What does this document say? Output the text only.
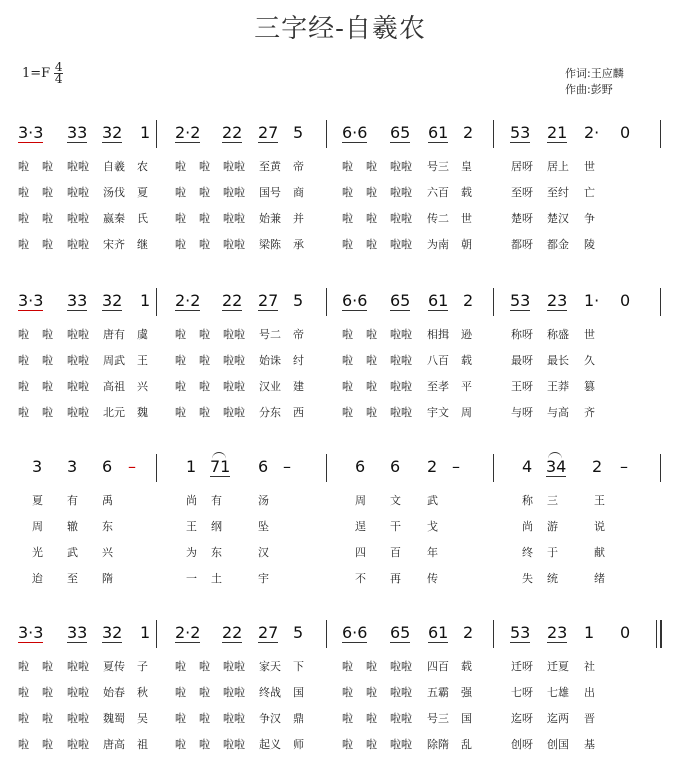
三字经-自羲农
$1=F \frac{4}{4}$	作词:王应麟
作曲:彭野
3·3 33 32 1 2·2 22 27 5 6·6 65 61 2 53 21 2· 0
啦 啦 啦啦 自羲 农 啦 啦 啦啦 至黄 帝	啦 啦 啦啦 号三 皇	居呀 居上 世
啦 啦 啦啦 汤伐 夏 啦 啦 啦啦 国号 商	啦 啦 啦啦 六百 载	至呀 至纣 亡
啦 啦 啦啦 嬴秦 氏 啦 啦 啦啦 始兼 并	啦 啦 啦啦 传二 世	楚呀 楚汉 争
啦 啦 啦啦 宋齐 继 啦 啦 啦啦 梁陈 承	啦 啦 啦啦 为南 朝	都呀 都金 陵
3·3 33 32 1 2·2 22 27 5 6·6 65 61 2 53 23 1· 0
啦 啦 啦啦 唐有 虞 啦 啦 啦啦 号二 帝	啦 啦 啦啦 相揖 逊	称呀 称盛 世
啦 啦 啦啦 周武 王 啦 啦 啦啦 始诛 纣	啦 啦 啦啦 八百 载	最呀 最长 久
啦 啦 啦啦 高祖 兴 啦 啦 啦啦 汉业 建	啦 啦 啦啦 至孝 平	王呀 王莽 篡
啦 啦 啦啦 北元 魏 啦 啦 啦啦 分东 西	啦 啦 啦啦 宇文 周	与呀 与高 齐
3 3 6 –	1 71 6 –	6 6 2 –	4 34 2 –
夏 有 禹	尚 有	汤	周 文 武	称 三	王
周 辙 东	王 纲	坠	逞 干 戈	尚 游	说
光 武 兴	为 东	汉	四 百 年	终 于	献
迨 至 隋	一 土	宇	不 再 传	失 统	绪
3·3 33 32 1 2·2 22 27 5 6·6 65 61 2 53 23 1 0
啦 啦 啦啦 夏传 子 啦 啦 啦啦 家天 下	啦 啦 啦啦 四百 载	迁呀 迁夏 社
啦 啦 啦啦 始春 秋 啦 啦 啦啦 终战 国	啦 啦 啦啦 五霸 强	七呀 七雄 出
啦 啦 啦啦 魏蜀 吴 啦 啦 啦啦 争汉 鼎	啦 啦 啦啦 号三 国	迄呀 迄两 晋
啦 啦 啦啦 唐高 祖 啦 啦 啦啦 起义 师	啦 啦 啦啦 除隋 乱	创呀 创国 基
